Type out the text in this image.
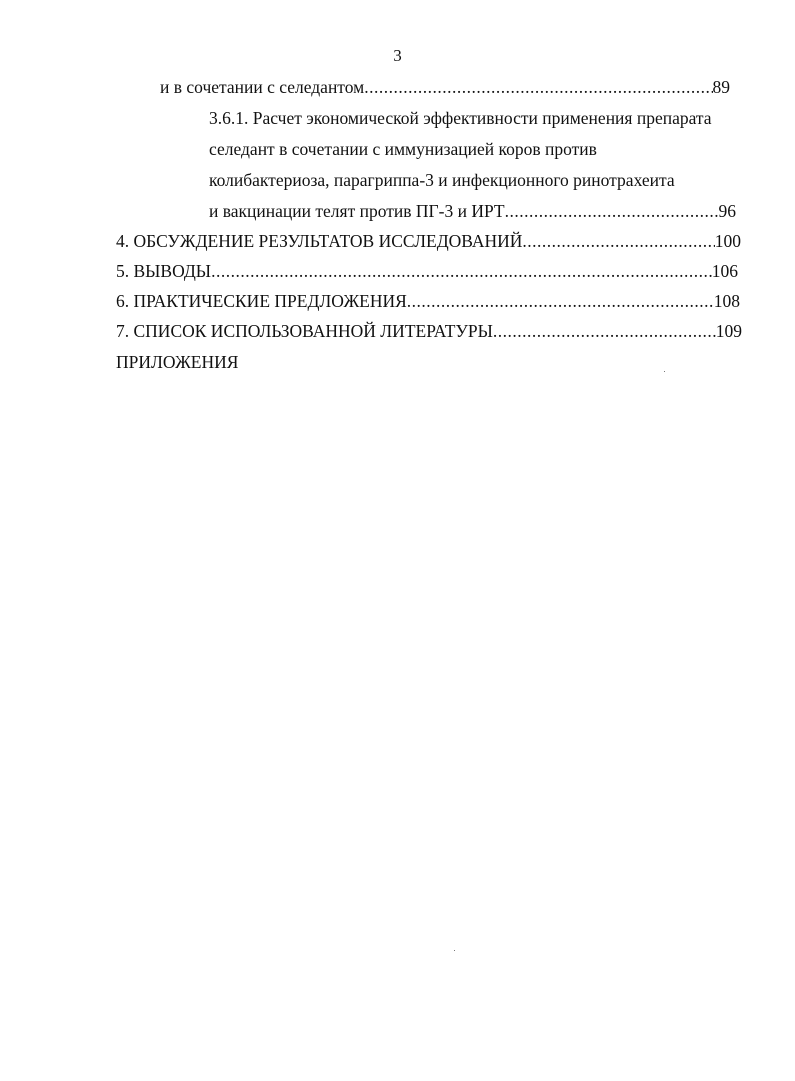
3
и в сочетании с селедантом .....	89
3.6.1. Расчет экономической эффективности применения препарата
селедант в сочетании с иммунизацией коров против
колибактериоза, парагриппа-3 и инфекционного ринотрахеита
и вакцинации телят против ПГ-3 и ИРТ .....	96
4. ОБСУЖДЕНИЕ РЕЗУЛЬТАТОВ ИССЛЕДОВАНИЙ .....	100
5. ВЫВОДЫ .....	106
6. ПРАКТИЧЕСКИЕ ПРЕДЛОЖЕНИЯ .....	108
7. СПИСОК ИСПОЛЬЗОВАННОЙ ЛИТЕРАТУРЫ .....	109
ПРИЛОЖЕНИЯ
